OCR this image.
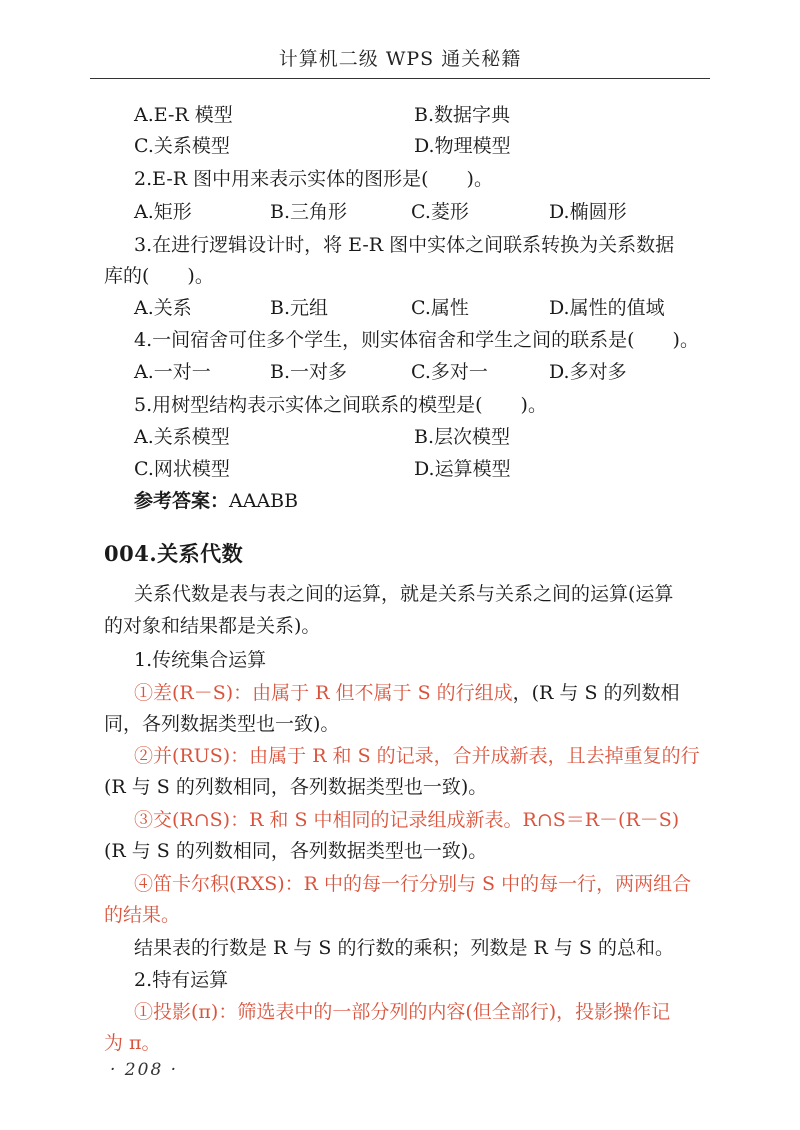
计算机二级 WPS 通关秘籍
A.E-R 模型	B.数据字典
C.关系模型	D.物理模型
2.E-R 图中用来表示实体的图形是(　　)。
A.矩形	B.三角形	C.菱形	D.椭圆形
3.在进行逻辑设计时，将 E-R 图中实体之间联系转换为关系数据
库的(　　)。
A.关系	B.元组	C.属性	D.属性的值域
4.一间宿舍可住多个学生，则实体宿舍和学生之间的联系是(　　)。
A.一对一	B.一对多	C.多对一	D.多对多
5.用树型结构表示实体之间联系的模型是(　　)。
A.关系模型	B.层次模型
C.网状模型	D.运算模型
参考答案：AAABB
004.关系代数
关系代数是表与表之间的运算，就是关系与关系之间的运算(运算
的对象和结果都是关系)。
1.传统集合运算
①差(R－S)：由属于 R 但不属于 S 的行组成，(R 与 S 的列数相
同，各列数据类型也一致)。
②并(RUS)：由属于 R 和 S 的记录，合并成新表，且去掉重复的行
(R 与 S 的列数相同，各列数据类型也一致)。
③交(R∩S)：R 和 S 中相同的记录组成新表。R∩S＝R－(R－S)
(R 与 S 的列数相同，各列数据类型也一致)。
④笛卡尔积(RXS)：R 中的每一行分别与 S 中的每一行，两两组合
的结果。
结果表的行数是 R 与 S 的行数的乘积；列数是 R 与 S 的总和。
2.特有运算
①投影(π)：筛选表中的一部分列的内容(但全部行)，投影操作记
为 π。
· 208 ·
